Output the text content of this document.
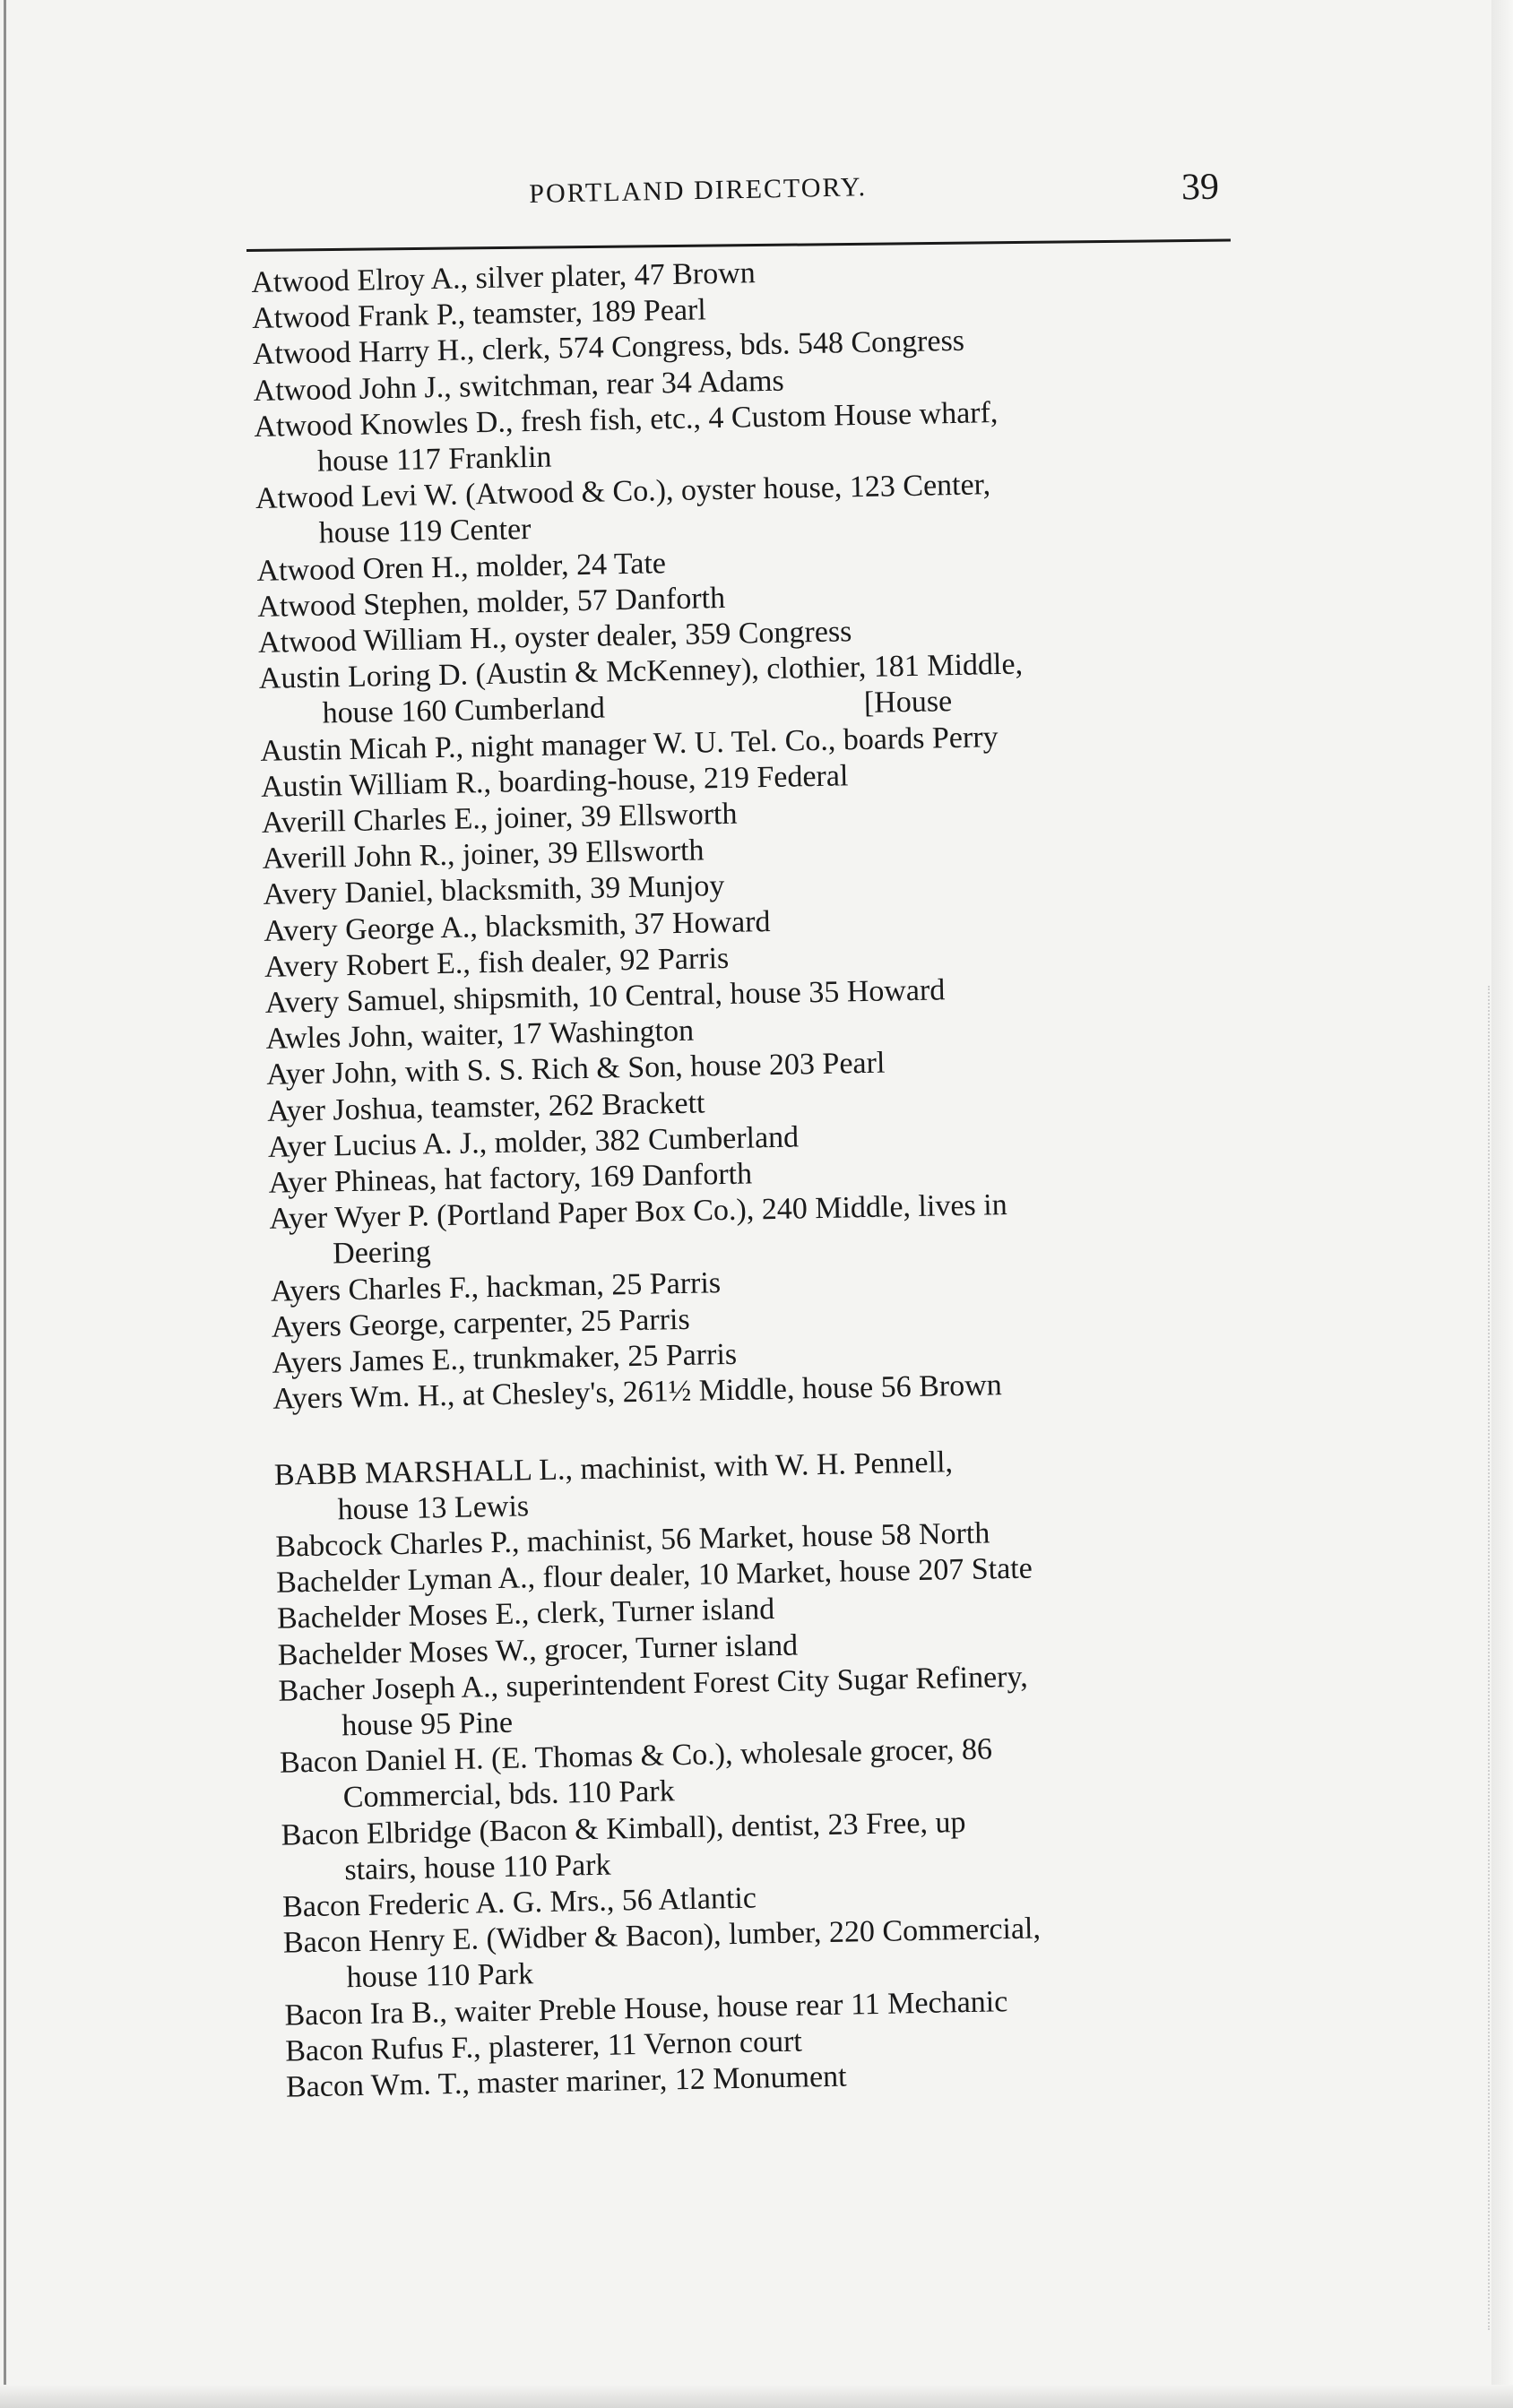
PORTLAND DIRECTORY.	39
Atwood Elroy A., silver plater, 47 Brown
Atwood Frank P., teamster, 189 Pearl
Atwood Harry H., clerk, 574 Congress, bds. 548 Congress
Atwood John J., switchman, rear 34 Adams
Atwood Knowles D., fresh fish, etc., 4 Custom House wharf,
house 117 Franklin
Atwood Levi W. (Atwood & Co.), oyster house, 123 Center,
house 119 Center
Atwood Oren H., molder, 24 Tate
Atwood Stephen, molder, 57 Danforth
Atwood William H., oyster dealer, 359 Congress
Austin Loring D. (Austin & McKenney), clothier, 181 Middle,
house 160 Cumberland                                  [House
Austin Micah P., night manager W. U. Tel. Co., boards Perry
Austin William R., boarding-house, 219 Federal
Averill Charles E., joiner, 39 Ellsworth
Averill John R., joiner, 39 Ellsworth
Avery Daniel, blacksmith, 39 Munjoy
Avery George A., blacksmith, 37 Howard
Avery Robert E., fish dealer, 92 Parris
Avery Samuel, shipsmith, 10 Central, house 35 Howard
Awles John, waiter, 17 Washington
Ayer John, with S. S. Rich & Son, house 203 Pearl
Ayer Joshua, teamster, 262 Brackett
Ayer Lucius A. J., molder, 382 Cumberland
Ayer Phineas, hat factory, 169 Danforth
Ayer Wyer P. (Portland Paper Box Co.), 240 Middle, lives in
Deering
Ayers Charles F., hackman, 25 Parris
Ayers George, carpenter, 25 Parris
Ayers James E., trunkmaker, 25 Parris
Ayers Wm. H., at Chesley's, 261½ Middle, house 56 Brown
BABB MARSHALL L., machinist, with W. H. Pennell,
house 13 Lewis
Babcock Charles P., machinist, 56 Market, house 58 North
Bachelder Lyman A., flour dealer, 10 Market, house 207 State
Bachelder Moses E., clerk, Turner island
Bachelder Moses W., grocer, Turner island
Bacher Joseph A., superintendent Forest City Sugar Refinery,
house 95 Pine
Bacon Daniel H. (E. Thomas & Co.), wholesale grocer, 86
Commercial, bds. 110 Park
Bacon Elbridge (Bacon & Kimball), dentist, 23 Free, up
stairs, house 110 Park
Bacon Frederic A. G. Mrs., 56 Atlantic
Bacon Henry E. (Widber & Bacon), lumber, 220 Commercial,
house 110 Park
Bacon Ira B., waiter Preble House, house rear 11 Mechanic
Bacon Rufus F., plasterer, 11 Vernon court
Bacon Wm. T., master mariner, 12 Monument
